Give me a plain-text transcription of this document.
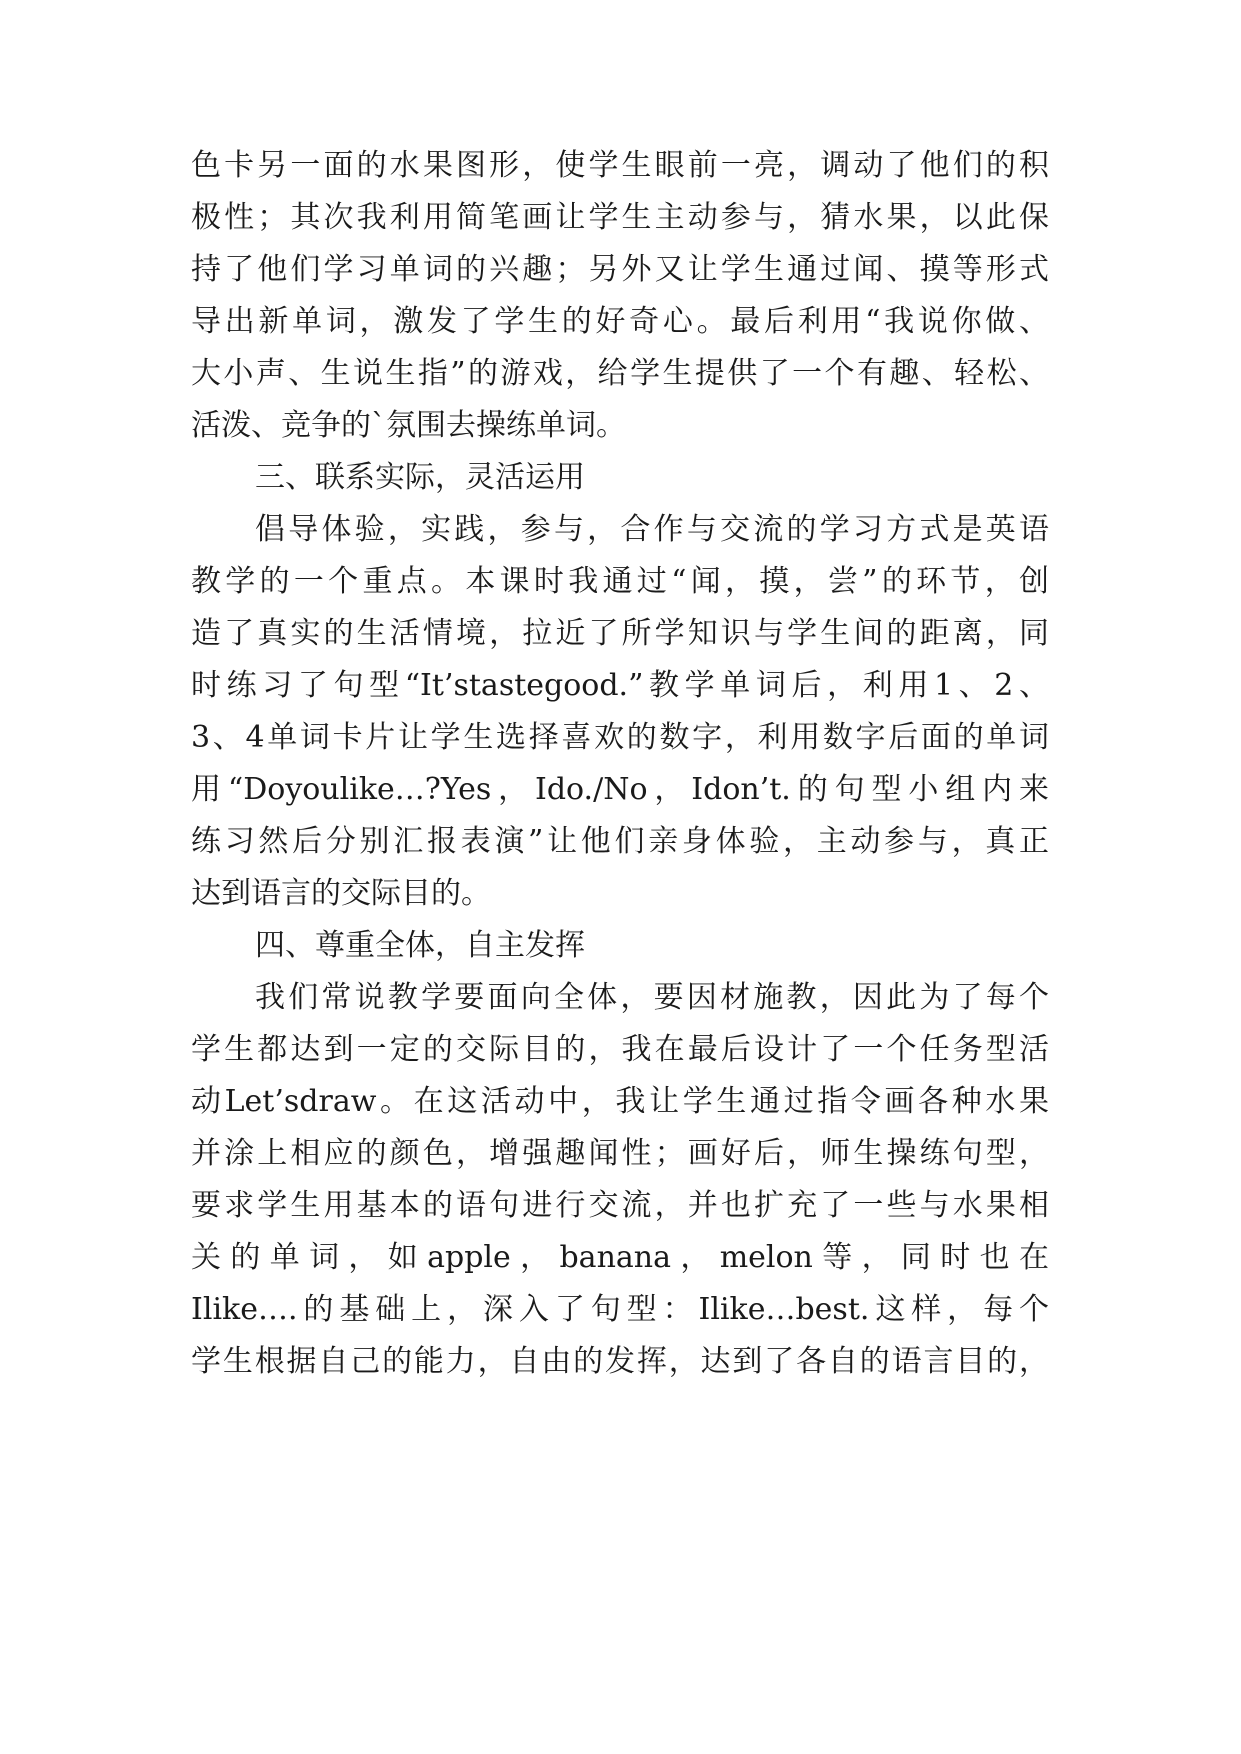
色卡另一面的水果图形，使学生眼前一亮，调动了他们的积
极性；其次我利用简笔画让学生主动参与，猜水果，以此保
持了他们学习单词的兴趣；另外又让学生通过闻、摸等形式
导出新单词，激发了学生的好奇心。最后利用“我说你做、
大小声、生说生指”的游戏，给学生提供了一个有趣、轻松、
活泼、竞争的`氛围去操练单词。
三、联系实际，灵活运用
倡导体验，实践，参与，合作与交流的学习方式是英语
教学的一个重点。本课时我通过“闻，摸，尝”的环节，创
造了真实的生活情境，拉近了所学知识与学生间的距离，同
时练习了句型“It’stastegood.”教学单词后，利用1、2、
3、4单词卡片让学生选择喜欢的数字，利用数字后面的单词
用“Doyoulike…?Yes，Ido./No，Idon’t.的句型小组内来
练习然后分别汇报表演”让他们亲身体验，主动参与，真正
达到语言的交际目的。
四、尊重全体，自主发挥
我们常说教学要面向全体，要因材施教，因此为了每个
学生都达到一定的交际目的，我在最后设计了一个任务型活
动Let’sdraw。在这活动中，我让学生通过指令画各种水果
并涂上相应的颜色，增强趣闻性；画好后，师生操练句型，
要求学生用基本的语句进行交流，并也扩充了一些与水果相
关的单词，如apple，banana，melon等，同时也在
Ilike….的基础上，深入了句型：Ilike…best.这样，每个
学生根据自己的能力，自由的发挥，达到了各自的语言目的，
